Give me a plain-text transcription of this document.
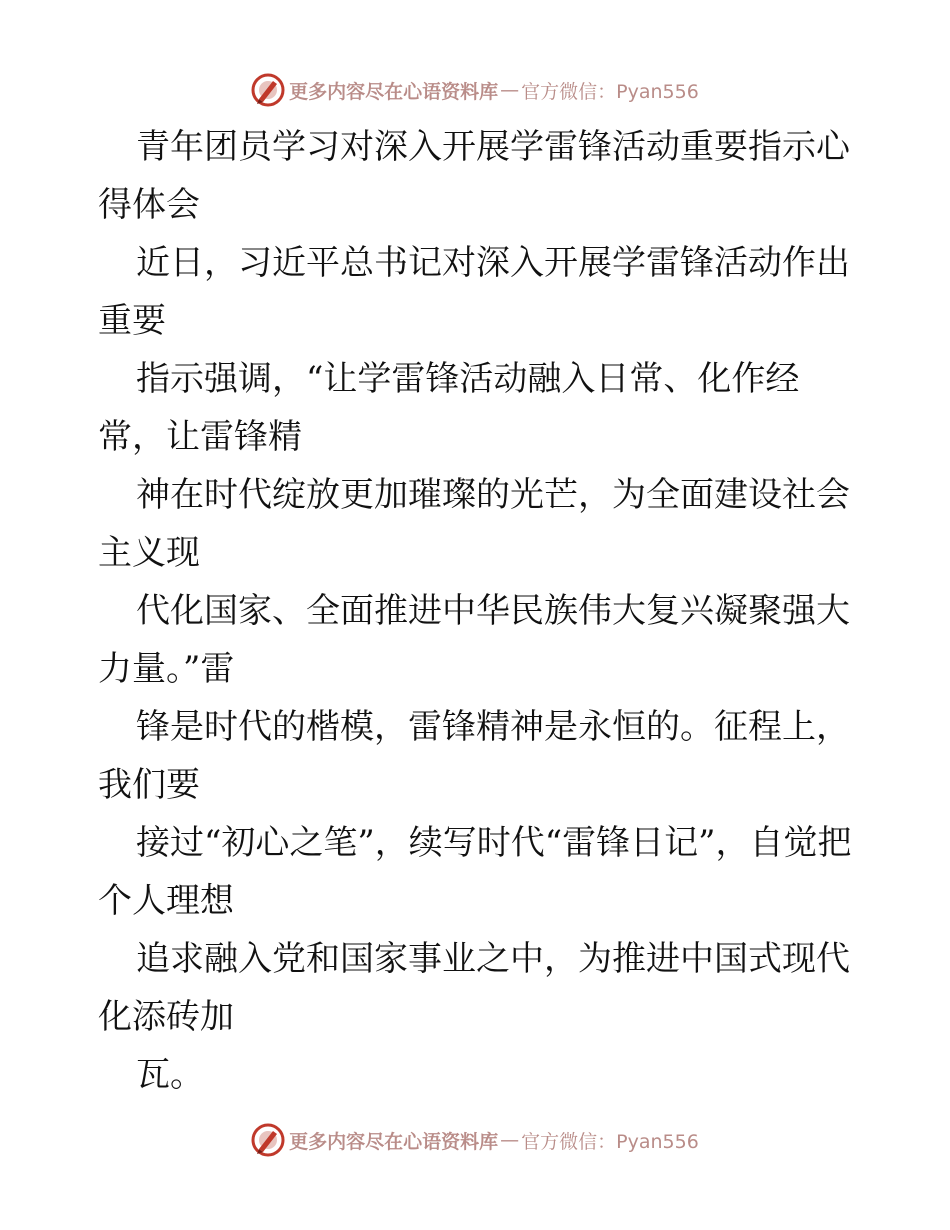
更多内容尽在心语资料库 — 官方微信：Pyan556

青年团员学习对深入开展学雷锋活动重要指示心得体会

近日，习近平总书记对深入开展学雷锋活动作出重要

指示强调，“让学雷锋活动融入日常、化作经常，让雷锋精

神在时代绽放更加璀璨的光芒，为全面建设社会主义现

代化国家、全面推进中华民族伟大复兴凝聚强大力量。”雷

锋是时代的楷模，雷锋精神是永恒的。征程上，我们要

接过“初心之笔”，续写时代“雷锋日记”，自觉把个人理想

追求融入党和国家事业之中，为推进中国式现代化添砖加

瓦。

更多内容尽在心语资料库 — 官方微信：Pyan556
